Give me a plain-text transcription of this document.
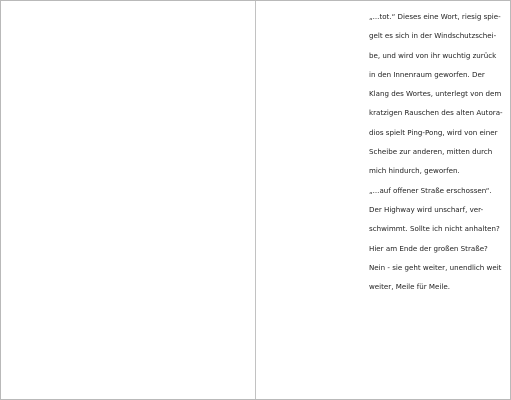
„...tot.“ Dieses eine Wort, riesig spie-
gelt es sich in der Windschutzschei-
be, und wird von ihr wuchtig zurück
in den Innenraum geworfen. Der
Klang des Wortes, unterlegt von dem
kratzigen Rauschen des alten Autora-
dios spielt Ping-Pong, wird von einer
Scheibe zur anderen, mitten durch
mich hindurch, geworfen.
„...auf offener Straße erschossen“.
Der Highway wird unscharf, ver-
schwimmt. Sollte ich nicht anhalten?
Hier am Ende der großen Straße?
Nein - sie geht weiter, unendlich weit
weiter, Meile für Meile.
